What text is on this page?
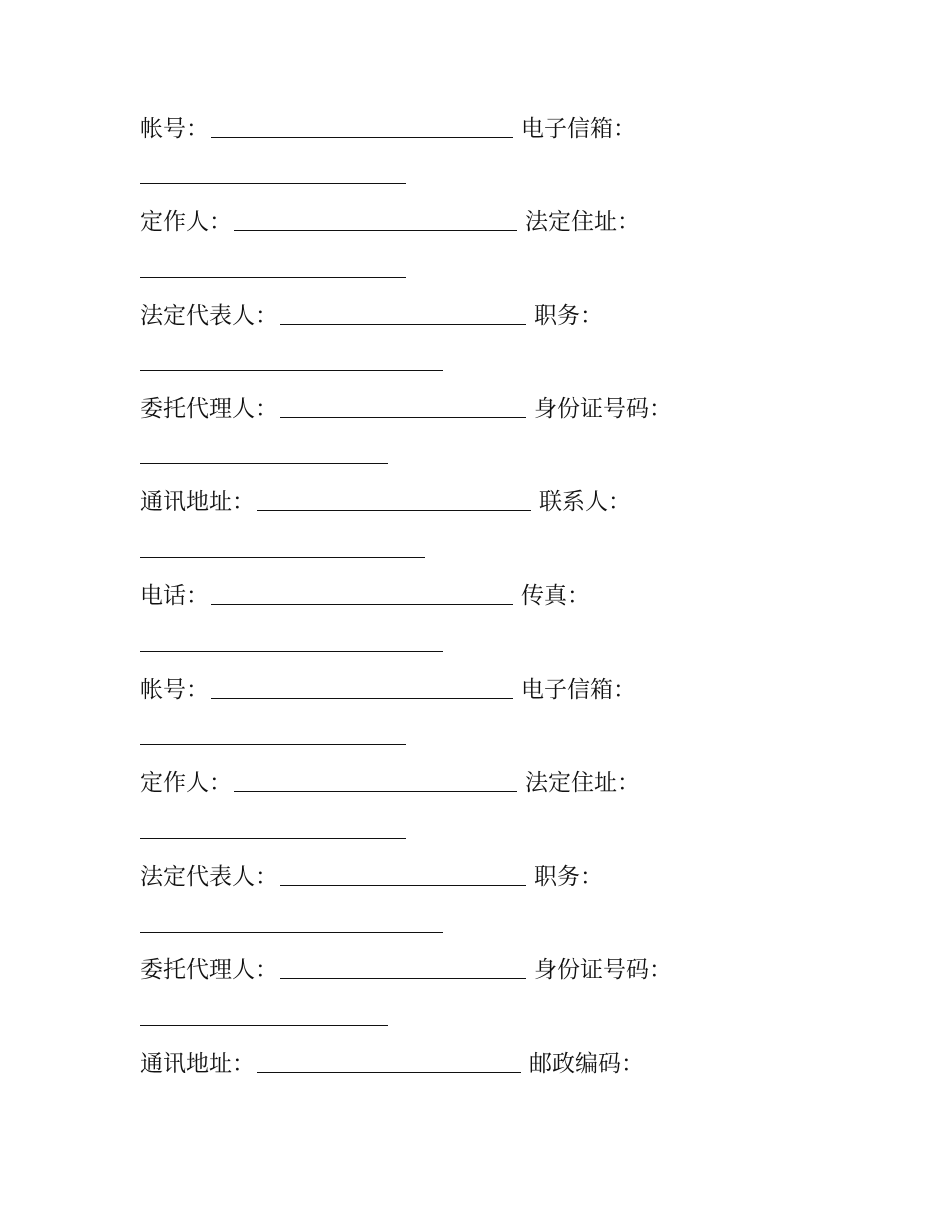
帐号：	电子信箱：
定作人：	法定住址：
法定代表人：	职务：
委托代理人：	身份证号码：
通讯地址：	联系人：
电话：	传真：
帐号：	电子信箱：
定作人：	法定住址：
法定代表人：	职务：
委托代理人：	身份证号码：
通讯地址：	邮政编码：
